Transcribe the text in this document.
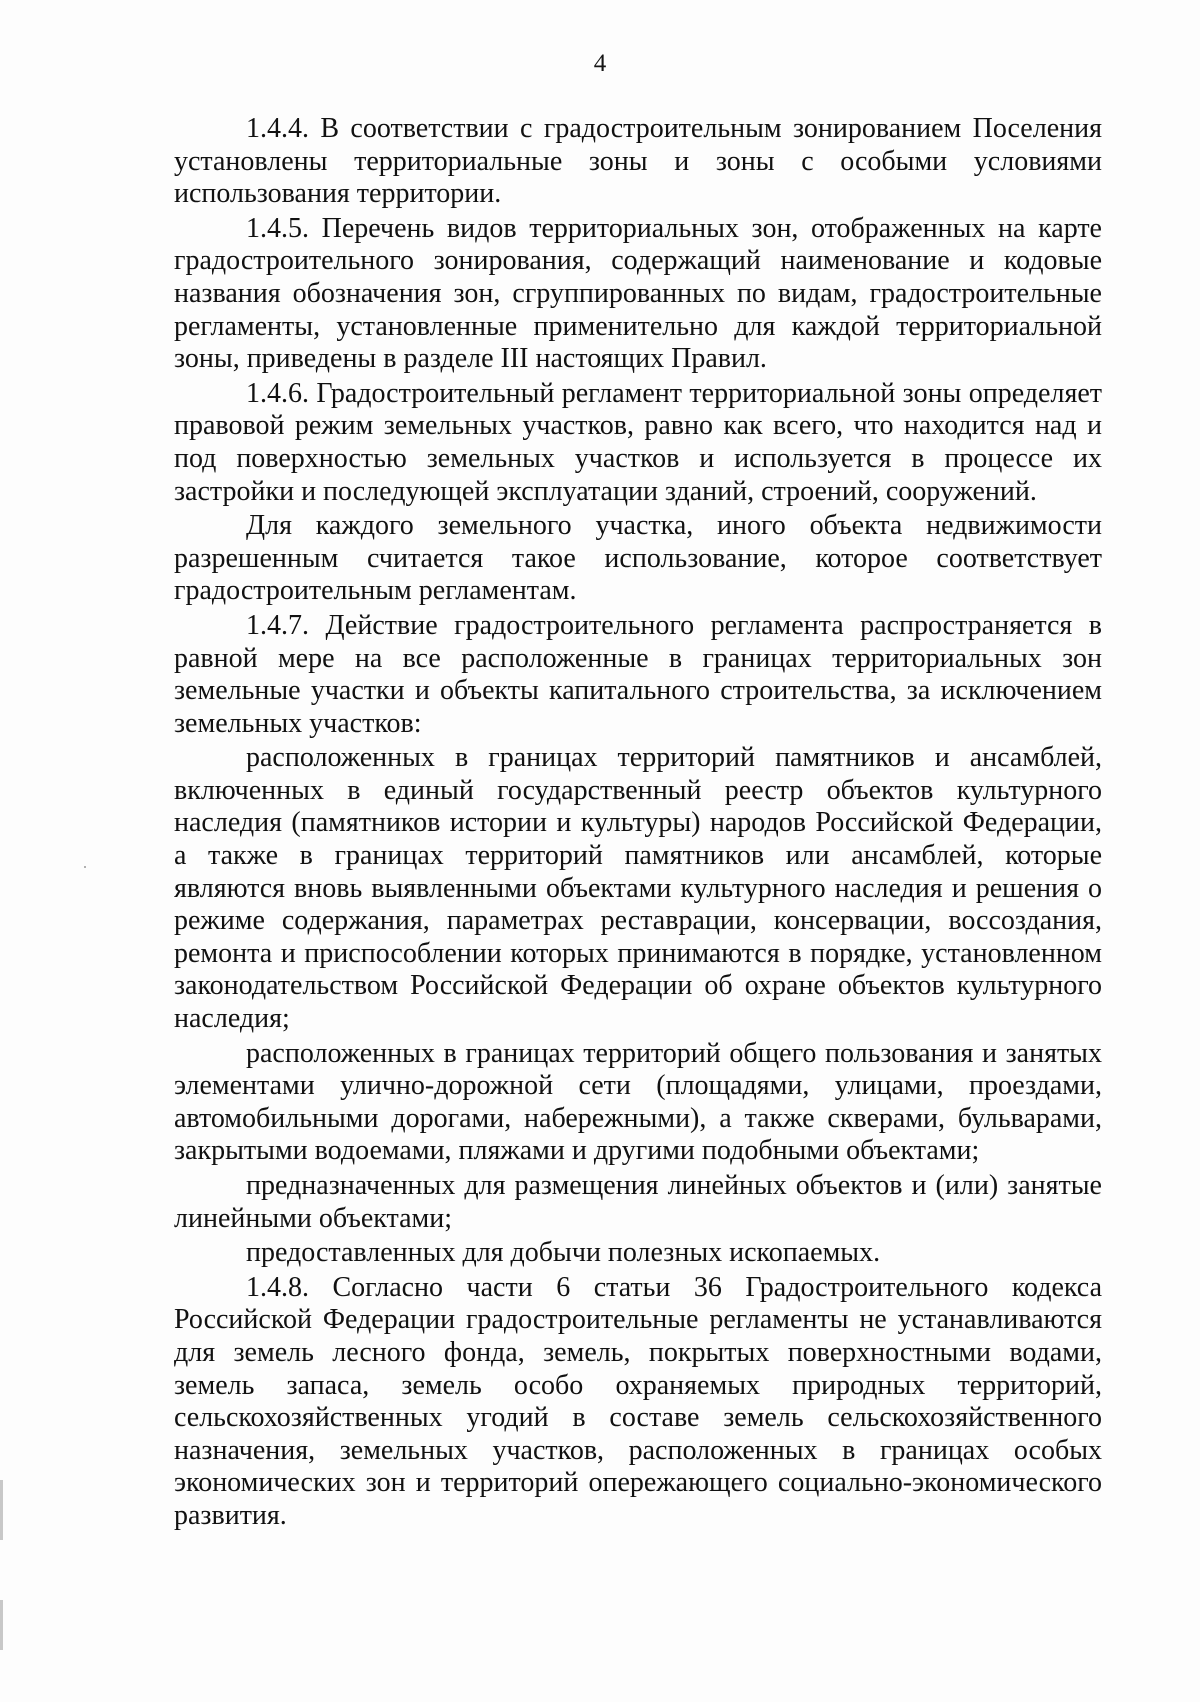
4

1.4.4. В соответствии с градостроительным зонированием Поселения установлены территориальные зоны и зоны с особыми условиями использования территории.

1.4.5. Перечень видов территориальных зон, отображенных на карте градостроительного зонирования, содержащий наименование и кодовые названия обозначения зон, сгруппированных по видам, градостроительные регламенты, установленные применительно для каждой территориальной зоны, приведены в разделе III настоящих Правил.

1.4.6. Градостроительный регламент территориальной зоны определяет правовой режим земельных участков, равно как всего, что находится над и под поверхностью земельных участков и используется в процессе их застройки и последующей эксплуатации зданий, строений, сооружений.

Для каждого земельного участка, иного объекта недвижимости разрешенным считается такое использование, которое соответствует градостроительным регламентам.

1.4.7. Действие градостроительного регламента распространяется в равной мере на все расположенные в границах территориальных зон земельные участки и объекты капитального строительства, за исключением земельных участков:

расположенных в границах территорий памятников и ансамблей, включенных в единый государственный реестр объектов культурного наследия (памятников истории и культуры) народов Российской Федерации, а также в границах территорий памятников или ансамблей, которые являются вновь выявленными объектами культурного наследия и решения о режиме содержания, параметрах реставрации, консервации, воссоздания, ремонта и приспособлении которых принимаются в порядке, установленном законодательством Российской Федерации об охране объектов культурного наследия;

расположенных в границах территорий общего пользования и занятых элементами улично-дорожной сети (площадями, улицами, проездами, автомобильными дорогами, набережными), а также скверами, бульварами, закрытыми водоемами, пляжами и другими подобными объектами;

предназначенных для размещения линейных объектов и (или) занятые линейными объектами;

предоставленных для добычи полезных ископаемых.

1.4.8. Согласно части 6 статьи 36 Градостроительного кодекса Российской Федерации градостроительные регламенты не устанавливаются для земель лесного фонда, земель, покрытых поверхностными водами, земель запаса, земель особо охраняемых природных территорий, сельскохозяйственных угодий в составе земель сельскохозяйственного назначения, земельных участков, расположенных в границах особых экономических зон и территорий опережающего социально-экономического развития.
